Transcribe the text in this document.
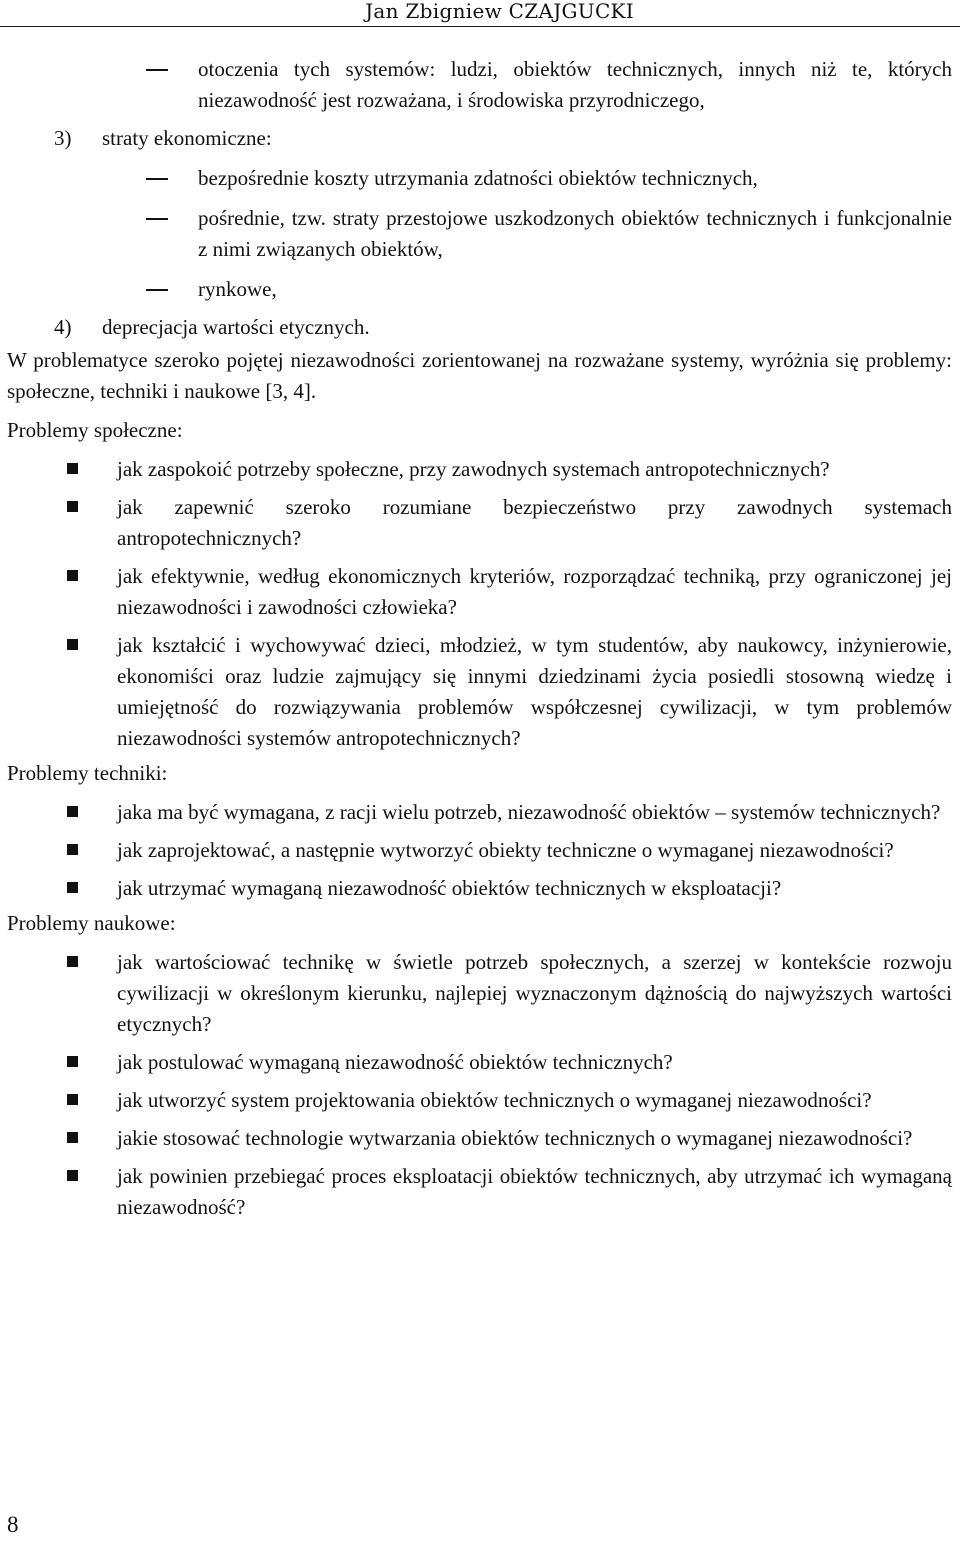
Jan Zbigniew CZAJGUCKI
otoczenia tych systemów: ludzi, obiektów technicznych, innych niż te, których niezawodność jest rozważana, i środowiska przyrodniczego,
3) straty ekonomiczne:
bezpośrednie koszty utrzymania zdatności obiektów technicznych,
pośrednie, tzw. straty przestojowe uszkodzonych obiektów technicznych i funkcjonalnie z nimi związanych obiektów,
rynkowe,
4) deprecjacja wartości etycznych.
W problematyce szeroko pojętej niezawodności zorientowanej na rozważane systemy, wyróżnia się problemy: społeczne, techniki i naukowe [3, 4].
Problemy społeczne:
jak zaspokoić potrzeby społeczne, przy zawodnych systemach antropotechnicznych?
jak zapewnić szeroko rozumiane bezpieczeństwo przy zawodnych systemach antropotechnicznych?
jak efektywnie, według ekonomicznych kryteriów, rozporządzać techniką, przy ograniczonej jej niezawodności i zawodności człowieka?
jak kształcić i wychowywać dzieci, młodzież, w tym studentów, aby naukowcy, inżynierowie, ekonomiści oraz ludzie zajmujący się innymi dziedzinami życia posiedli stosowną wiedzę i umiejętność do rozwiązywania problemów współczesnej cywilizacji, w tym problemów niezawodności systemów antropotechnicznych?
Problemy techniki:
jaka ma być wymagana, z racji wielu potrzeb, niezawodność obiektów – systemów technicznych?
jak zaprojektować, a następnie wytworzyć obiekty techniczne o wymaganej niezawodności?
jak utrzymać wymaganą niezawodność obiektów technicznych w eksploatacji?
Problemy naukowe:
jak wartościować technikę w świetle potrzeb społecznych, a szerzej w kontekście rozwoju cywilizacji w określonym kierunku, najlepiej wyznaczonym dążnością do najwyższych wartości etycznych?
jak postulować wymaganą niezawodność obiektów technicznych?
jak utworzyć system projektowania obiektów technicznych o wymaganej niezawodności?
jakie stosować technologie wytwarzania obiektów technicznych o wymaganej niezawodności?
jak powinien przebiegać proces eksploatacji obiektów technicznych, aby utrzymać ich wymaganą niezawodność?
8
